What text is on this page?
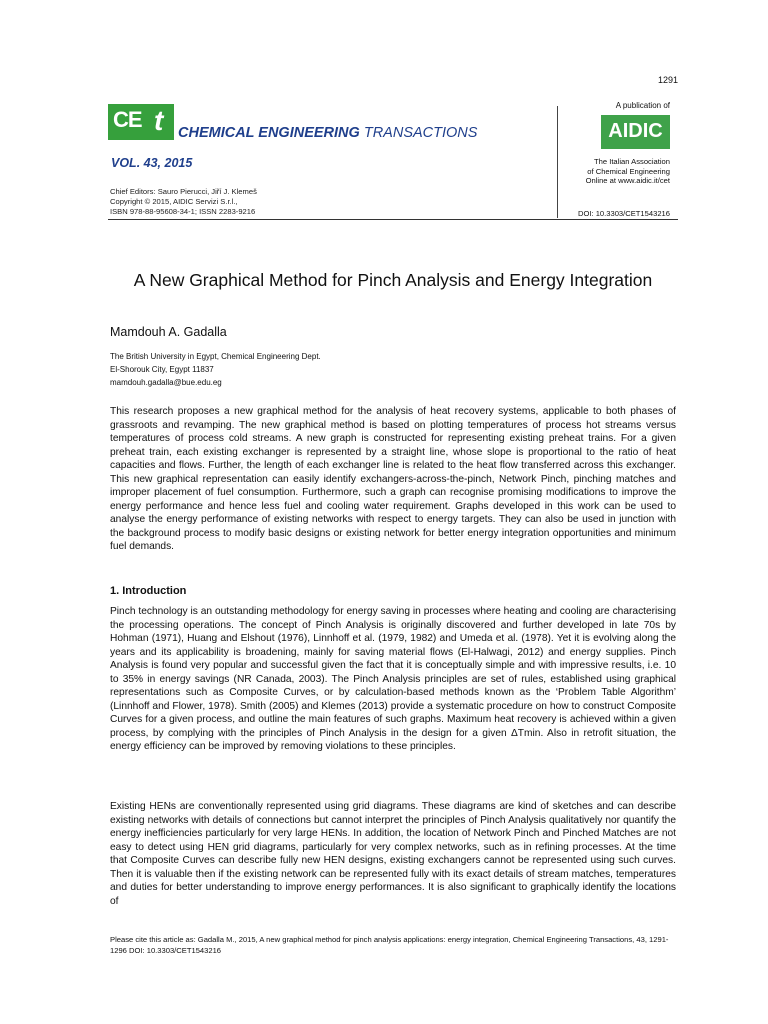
1291
CE t CHEMICAL ENGINEERING TRANSACTIONS
VOL. 43, 2015
Chief Editors: Sauro Pierucci, Jiří J. Klemeš
Copyright © 2015, AIDIC Servizi S.r.l.,
ISBN 978-88-95608-34-1; ISSN 2283-9216
A publication of
AIDIC
The Italian Association
of Chemical Engineering
Online at www.aidic.it/cet
DOI: 10.3303/CET1543216
A New Graphical Method for Pinch Analysis and Energy Integration
Mamdouh A. Gadalla
The British University in Egypt, Chemical Engineering Dept.
El-Shorouk City, Egypt 11837
mamdouh.gadalla@bue.edu.eg
This research proposes a new graphical method for the analysis of heat recovery systems, applicable to both phases of grassroots and revamping. The new graphical method is based on plotting temperatures of process hot streams versus temperatures of process cold streams. A new graph is constructed for representing existing preheat trains. For a given preheat train, each existing exchanger is represented by a straight line, whose slope is proportional to the ratio of heat capacities and flows. Further, the length of each exchanger line is related to the heat flow transferred across this exchanger. This new graphical representation can easily identify exchangers-across-the-pinch, Network Pinch, pinching matches and improper placement of fuel consumption. Furthermore, such a graph can recognise promising modifications to improve the energy performance and hence less fuel and cooling water requirement. Graphs developed in this work can be used to analyse the energy performance of existing networks with respect to energy targets. They can also be used in junction with the background process to modify basic designs or existing network for better energy integration opportunities and minimum fuel demands.
1. Introduction
Pinch technology is an outstanding methodology for energy saving in processes where heating and cooling are characterising the processing operations. The concept of Pinch Analysis is originally discovered and further developed in late 70s by Hohman (1971), Huang and Elshout (1976), Linnhoff et al. (1979, 1982) and Umeda et al. (1978). Yet it is evolving along the years and its applicability is broadening, mainly for saving material flows (El-Halwagi, 2012) and energy supplies. Pinch Analysis is found very popular and successful given the fact that it is conceptually simple and with impressive results, i.e. 10 to 35% in energy savings (NR Canada, 2003). The Pinch Analysis principles are set of rules, established using graphical representations such as Composite Curves, or by calculation-based methods known as the ‘Problem Table Algorithm’ (Linnhoff and Flower, 1978). Smith (2005) and Klemes (2013) provide a systematic procedure on how to construct Composite Curves for a given process, and outline the main features of such graphs. Maximum heat recovery is achieved within a given process, by complying with the principles of Pinch Analysis in the design for a given ΔTmin. Also in retrofit situation, the energy efficiency can be improved by removing violations to these principles.
Existing HENs are conventionally represented using grid diagrams. These diagrams are kind of sketches and can describe existing networks with details of connections but cannot interpret the principles of Pinch Analysis qualitatively nor quantify the energy inefficiencies particularly for very large HENs. In addition, the location of Network Pinch and Pinched Matches are not easy to detect using HEN grid diagrams, particularly for very complex networks, such as in refining processes. At the time that Composite Curves can describe fully new HEN designs, existing exchangers cannot be represented using such curves. Then it is valuable then if the existing network can be represented fully with its exact details of stream matches, temperatures and duties for better understanding to improve energy performances. It is also significant to graphically identify the locations of
Please cite this article as: Gadalla M., 2015, A new graphical method for pinch analysis applications: energy integration, Chemical Engineering Transactions, 43, 1291-1296 DOI: 10.3303/CET1543216
